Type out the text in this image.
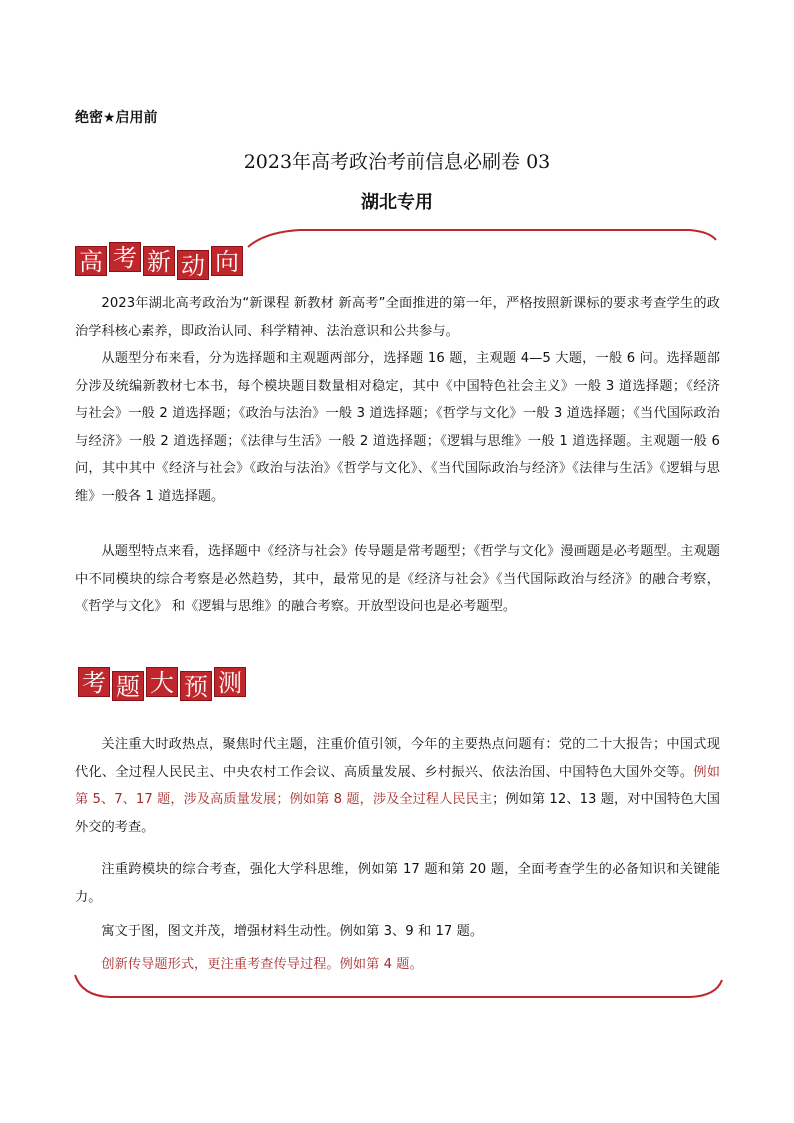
绝密★启用前
2023年高考政治考前信息必刷卷 03
湖北专用
高 考 新 动 向

2023年湖北高考政治为“新课程 新教材 新高考”全面推进的第一年，严格按照新课标的要求考查学生的政治学科核心素养，即政治认同、科学精神、法治意识和公共参与。

从题型分布来看，分为选择题和主观题两部分，选择题 16 题，主观题 4—5 大题，一般 6 问。选择题部分涉及统编新教材七本书，每个模块题目数量相对稳定，其中《中国特色社会主义》一般 3 道选择题；《经济与社会》一般 2 道选择题；《政治与法治》一般 3 道选择题；《哲学与文化》一般 3 道选择题；《当代国际政治与经济》一般 2 道选择题；《法律与生活》一般 2 道选择题；《逻辑与思维》一般 1 道选择题。主观题一般 6 问，其中其中《经济与社会》《政治与法治》《哲学与文化》、《当代国际政治与经济》《法律与生活》《逻辑与思维》一般各 1 道选择题。

从题型特点来看，选择题中《经济与社会》传导题是常考题型；《哲学与文化》漫画题是必考题型。主观题中不同模块的综合考察是必然趋势，其中，最常见的是《经济与社会》《当代国际政治与经济》的融合考察，《哲学与文化》 和《逻辑与思维》的融合考察。开放型设问也是必考题型。

考 题 大 预 测

关注重大时政热点，聚焦时代主题，注重价值引领，今年的主要热点问题有：党的二十大报告；中国式现代化、全过程人民民主、中央农村工作会议、高质量发展、乡村振兴、依法治国、中国特色大国外交等。例如第 5、7、17 题，涉及高质量发展；例如第 8 题，涉及全过程人民民主；例如第 12、13 题，对中国特色大国外交的考查。

注重跨模块的综合考查，强化大学科思维，例如第 17 题和第 20 题，全面考查学生的必备知识和关键能力。

寓文于图，图文并茂，增强材料生动性。例如第 3、9 和 17 题。

创新传导题形式，更注重考查传导过程。例如第 4 题。
